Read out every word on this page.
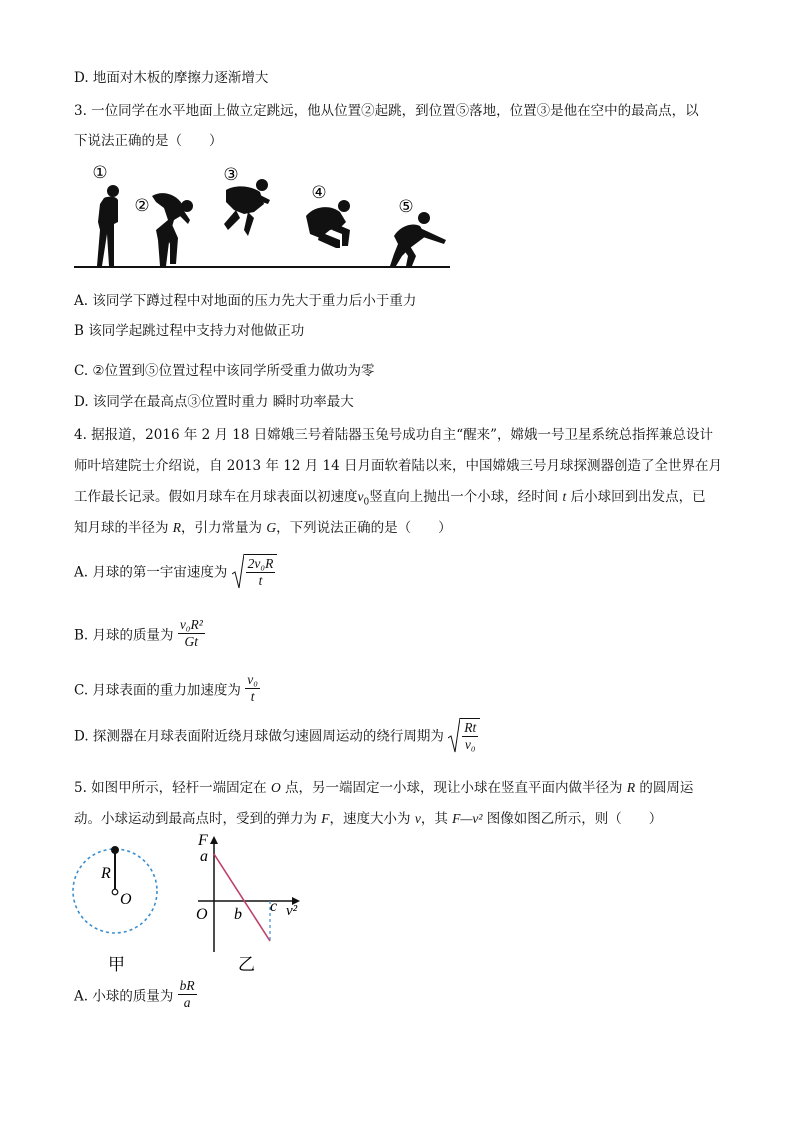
D. 地面对木板的摩擦力逐渐增大
3. 一位同学在水平地面上做立定跳远，他从位置②起跳，到位置⑤落地，位置③是他在空中的最高点，以
下说法正确的是（　　）
①
②
③
④
⑤
A. 该同学下蹲过程中对地面的压力先大于重力后小于重力
B 该同学起跳过程中支持力对他做正功
C. ②位置到⑤位置过程中该同学所受重力做功为零
D. 该同学在最高点③位置时重力 瞬时功率最大
4. 据报道，2016 年 2 月 18 日嫦娥三号着陆器玉兔号成功自主“醒来”，嫦娥一号卫星系统总指挥兼总设计
师叶培建院士介绍说，自 2013 年 12 月 14 日月面软着陆以来，中国嫦娥三号月球探测器创造了全世界在月
工作最长记录。假如月球车在月球表面以初速度$v_0$竖直向上抛出一个小球，经时间 t 后小球回到出发点，已
知月球的半径为 R，引力常量为 G，下列说法正确的是（　　）
A. 月球的第一宇宙速度为 $\frac{\text{2v₀R}}{t}$
B. 月球的质量为 $\frac{\text{v₀R²}}{Gt}$
C. 月球表面的重力加速度为 $\frac{\text{v₀}}{t}$
D. 探测器在月球表面附近绕月球做匀速圆周运动的绕行周期为 $\frac{Rt}{\text{v₀}}$
5. 如图甲所示，轻杆一端固定在 O 点，另一端固定一小球，现让小球在竖直平面内做半径为 R 的圆周运
动。小球运动到最高点时，受到的弹力为 F，速度大小为 v，其 F—v² 图像如图乙所示，则（　　）
R
O
甲
F
a
O b c v²
乙
A. 小球的质量为 $\frac{bR}{a}$
